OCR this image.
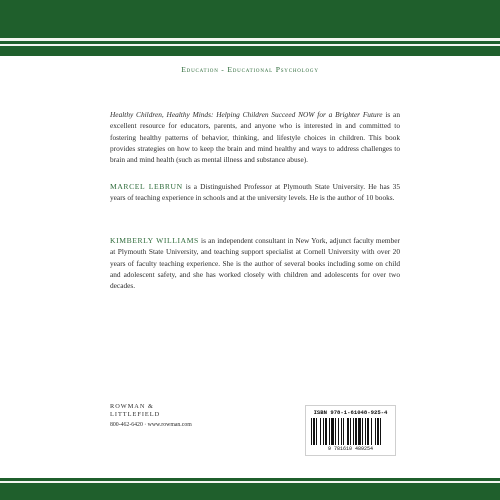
Education - Educational Psychology
Healthy Children, Healthy Minds: Helping Children Succeed NOW for a Brighter Future is an excellent resource for educators, parents, and anyone who is interested in and committed to fostering healthy patterns of behavior, thinking, and lifestyle choices in children. This book provides strategies on how to keep the brain and mind healthy and ways to address challenges to brain and mind health (such as mental illness and substance abuse).
MARCEL LEBRUN is a Distinguished Professor at Plymouth State University. He has 35 years of teaching experience in schools and at the university levels. He is the author of 10 books.
KIMBERLY WILLIAMS is an independent consultant in New York, adjunct faculty member at Plymouth State University, and teaching support specialist at Cornell University with over 20 years of faculty teaching experience. She is the author of several books including some on child and adolescent safety, and she has worked closely with children and adolescents for over two decades.
ROWMAN &
LITTLEFIELD
800-462-6420 · www.rowman.com
ISBN 978-1-61048-925-4
9 781610 489254
